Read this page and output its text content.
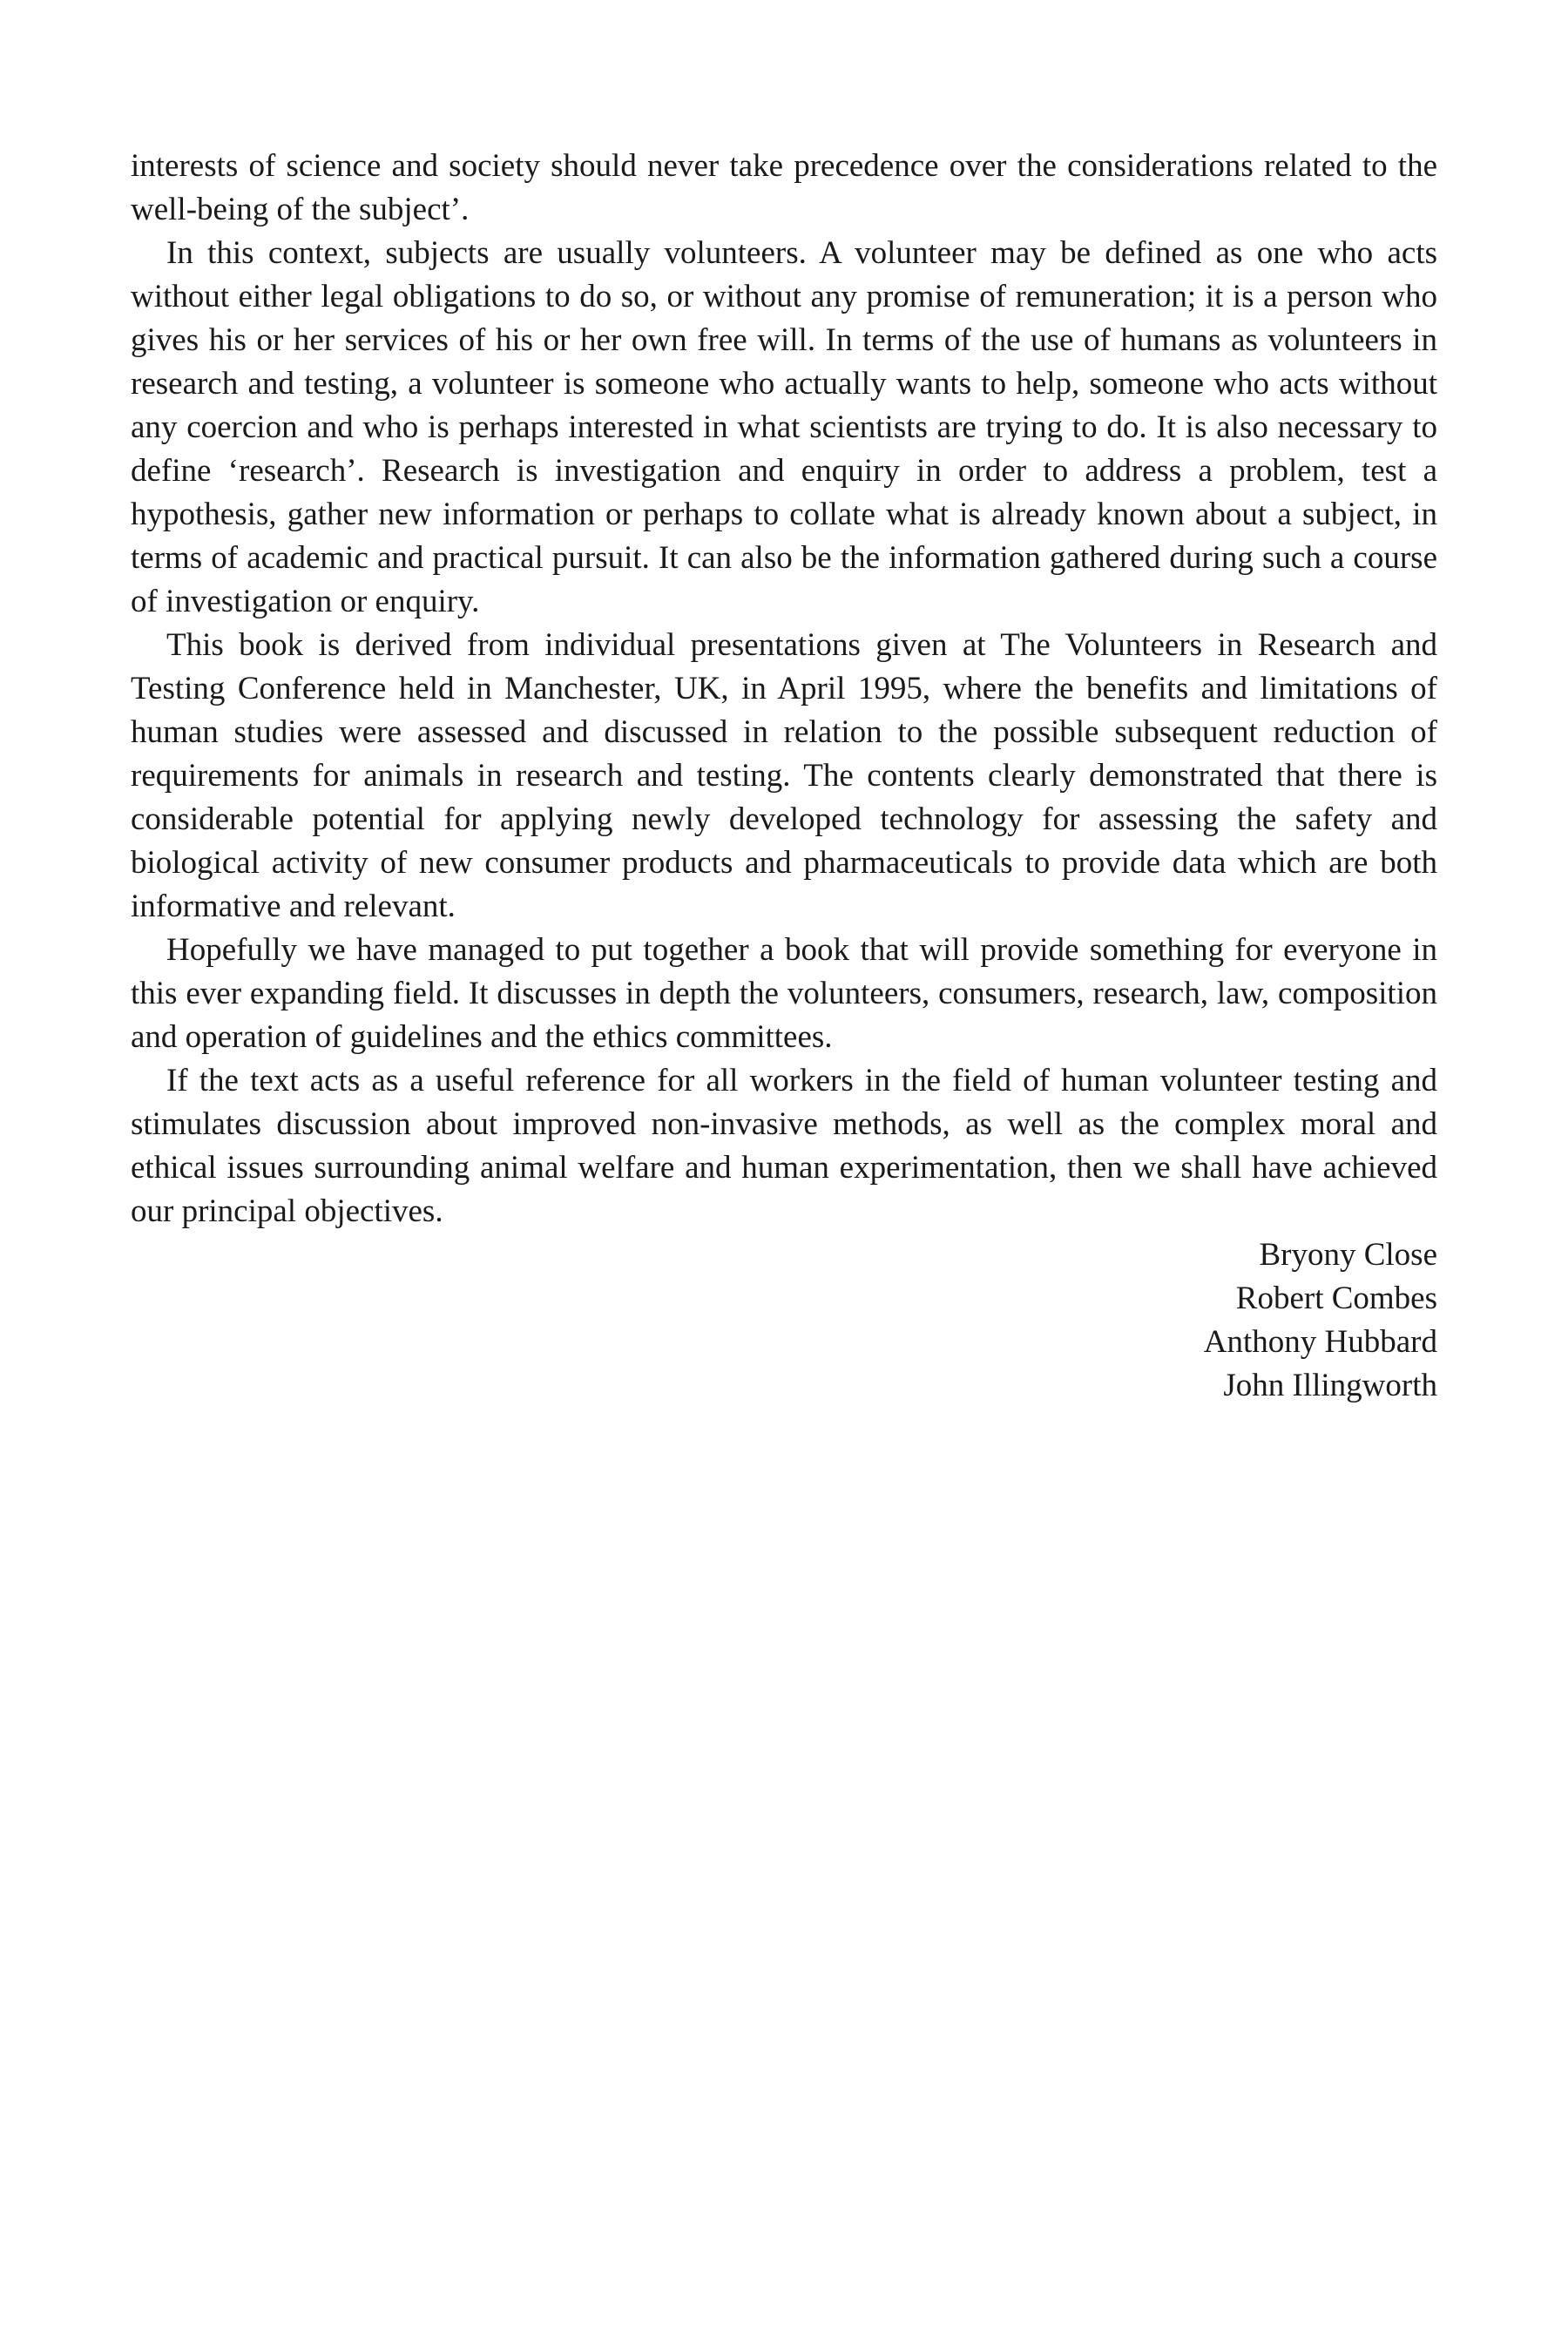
interests of science and society should never take precedence over the considerations related to the well-being of the subject’.

In this context, subjects are usually volunteers. A volunteer may be defined as one who acts without either legal obligations to do so, or without any promise of remuneration; it is a person who gives his or her services of his or her own free will. In terms of the use of humans as volunteers in research and testing, a volunteer is someone who actually wants to help, someone who acts without any coercion and who is perhaps interested in what scientists are trying to do. It is also necessary to define ‘research’. Research is investigation and enquiry in order to address a problem, test a hypothesis, gather new information or perhaps to collate what is already known about a subject, in terms of academic and practical pursuit. It can also be the information gathered during such a course of investigation or enquiry.

This book is derived from individual presentations given at The Volunteers in Research and Testing Conference held in Manchester, UK, in April 1995, where the benefits and limitations of human studies were assessed and discussed in relation to the possible subsequent reduction of requirements for animals in research and testing. The contents clearly demonstrated that there is considerable potential for applying newly developed technology for assessing the safety and biological activity of new consumer products and pharmaceuticals to provide data which are both informative and relevant.

Hopefully we have managed to put together a book that will provide something for everyone in this ever expanding field. It discusses in depth the volunteers, consumers, research, law, composition and operation of guidelines and the ethics committees.

If the text acts as a useful reference for all workers in the field of human volunteer testing and stimulates discussion about improved non-invasive methods, as well as the complex moral and ethical issues surrounding animal welfare and human experimentation, then we shall have achieved our principal objectives.

Bryony Close
Robert Combes
Anthony Hubbard
John Illingworth
